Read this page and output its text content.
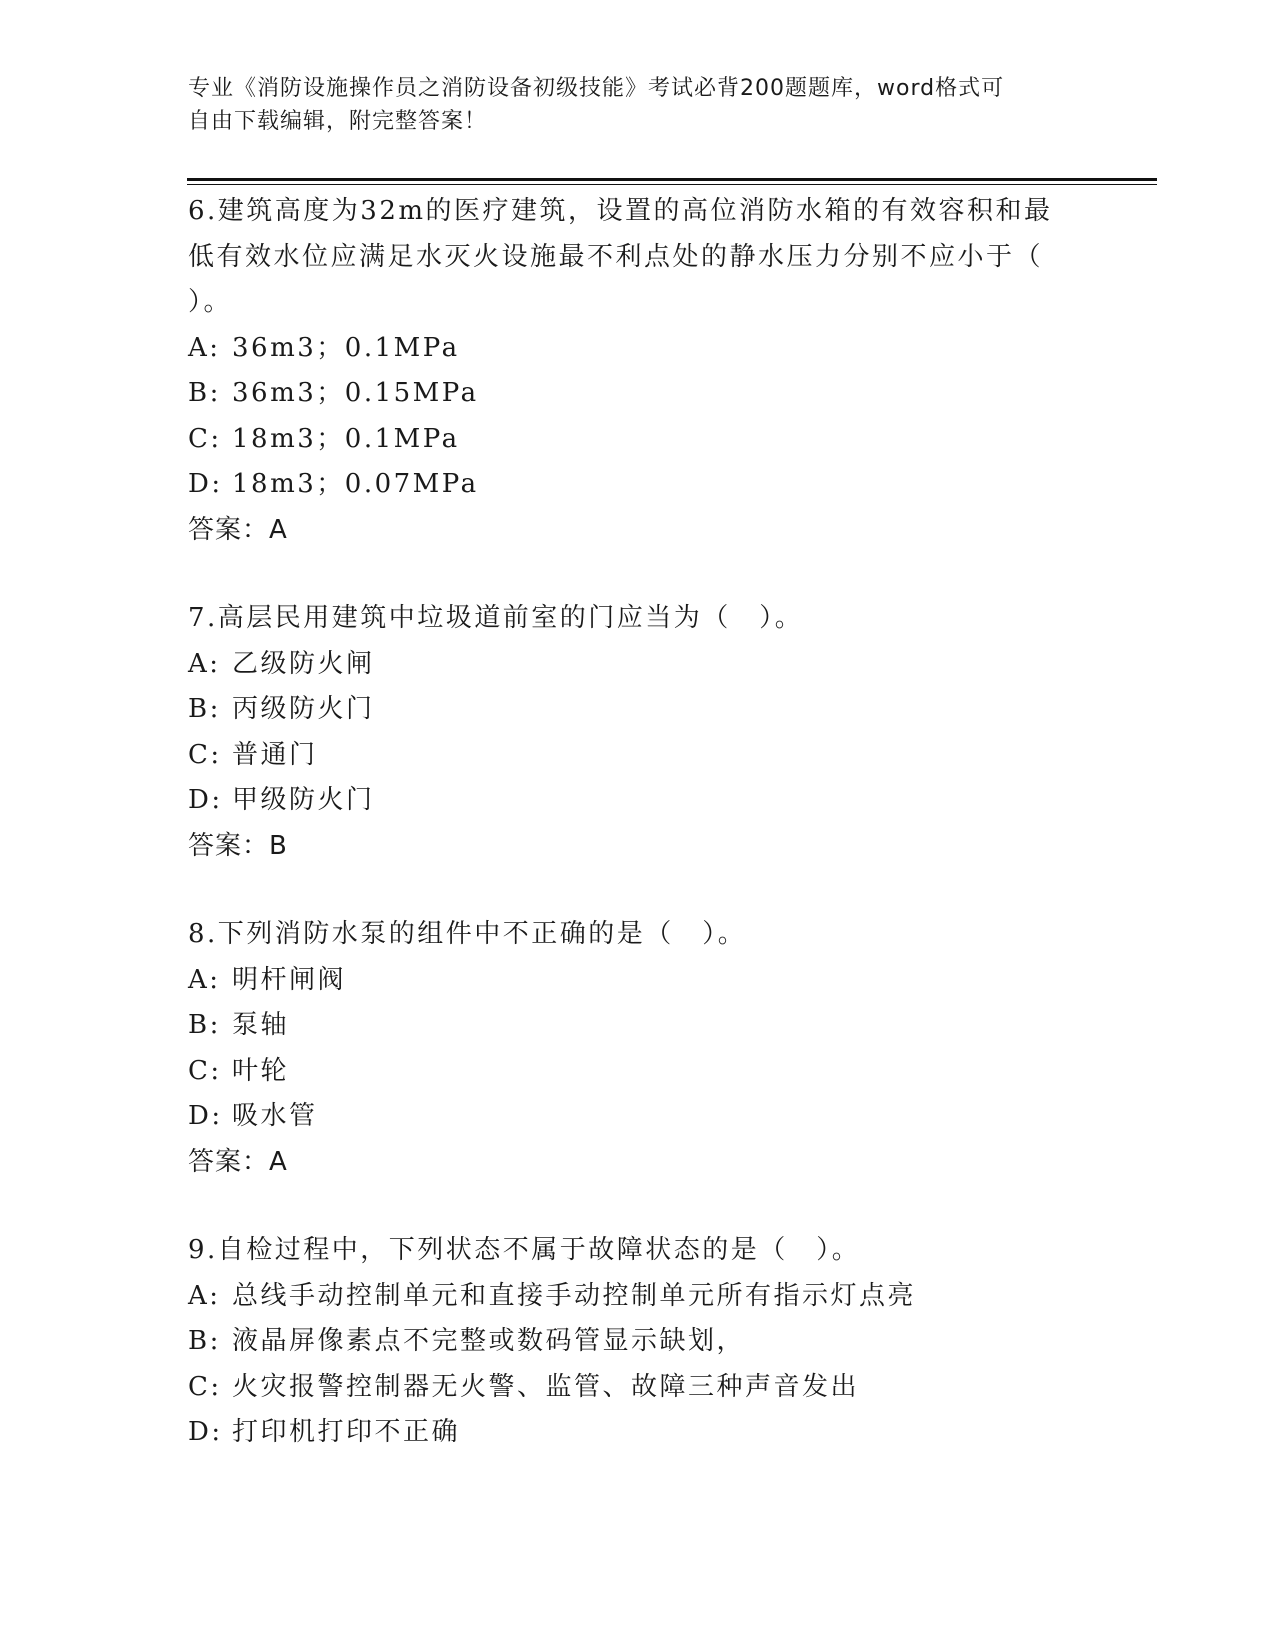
专业《消防设施操作员之消防设备初级技能》考试必背200题题库，word格式可
自由下载编辑，附完整答案！

6.建筑高度为32m的医疗建筑，设置的高位消防水箱的有效容积和最

低有效水位应满足水灭火设施最不利点处的静水压力分别不应小于（

）。

A: 36m3；0.1MPa

B: 36m3；0.15MPa

C: 18m3；0.1MPa

D: 18m3；0.07MPa

答案：A

7.高层民用建筑中垃圾道前室的门应当为（　）。

A: 乙级防火闸

B: 丙级防火门

C: 普通门

D: 甲级防火门

答案：B

8.下列消防水泵的组件中不正确的是（　）。

A: 明杆闸阀

B: 泵轴

C: 叶轮

D: 吸水管

答案：A

9.自检过程中，下列状态不属于故障状态的是（　）。

A: 总线手动控制单元和直接手动控制单元所有指示灯点亮

B: 液晶屏像素点不完整或数码管显示缺划，

C: 火灾报警控制器无火警、监管、故障三种声音发出

D: 打印机打印不正确
